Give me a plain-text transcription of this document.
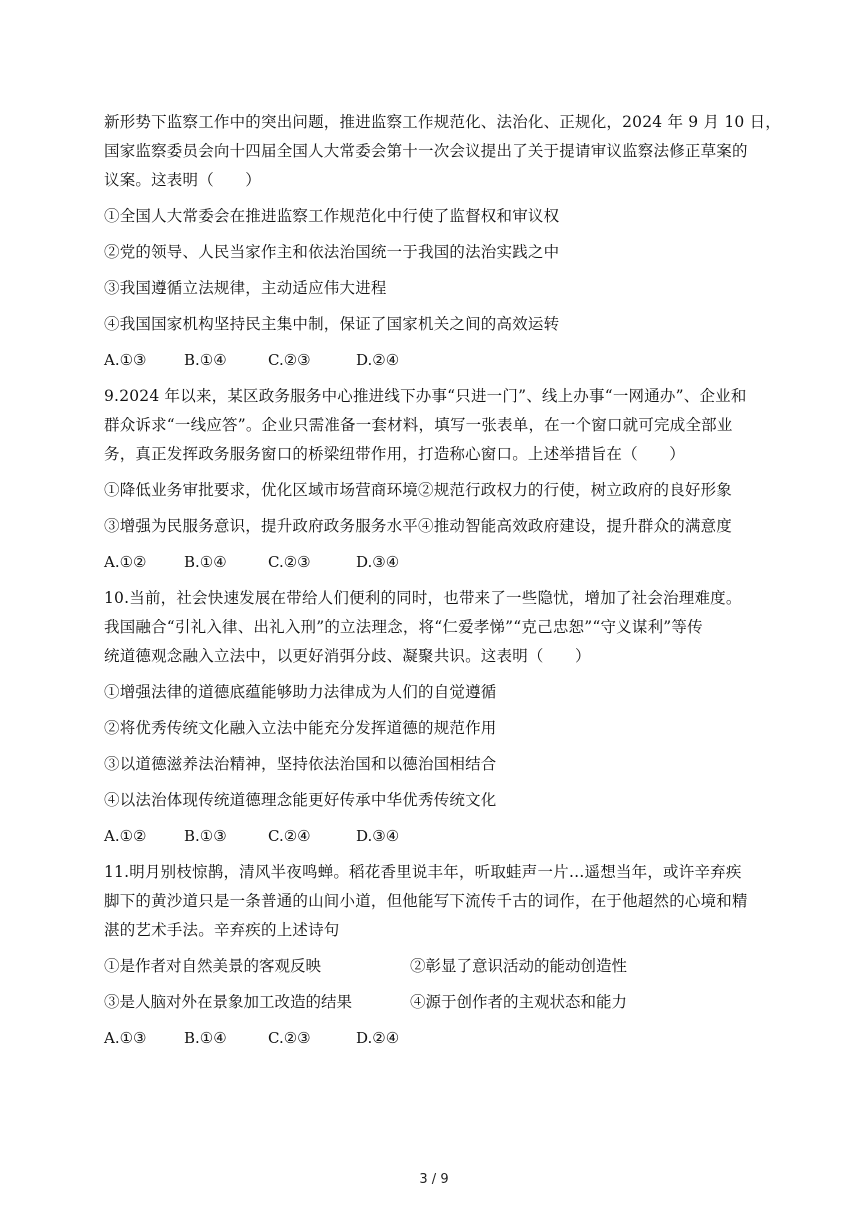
新形势下监察工作中的突出问题，推进监察工作规范化、法治化、正规化，2024 年 9 月 10 日，
国家监察委员会向十四届全国人大常委会第十一次会议提出了关于提请审议监察法修正草案的
议案。这表明（　　）
①全国人大常委会在推进监察工作规范化中行使了监督权和审议权
②党的领导、人民当家作主和依法治国统一于我国的法治实践之中
③我国遵循立法规律，主动适应伟大进程
④我国国家机构坚持民主集中制，保证了国家机关之间的高效运转
A.①③	B.①④	C.②③	D.②④
9.2024 年以来，某区政务服务中心推进线下办事“只进一门”、线上办事“一网通办”、企业和
群众诉求“一线应答”。企业只需准备一套材料，填写一张表单，在一个窗口就可完成全部业
务，真正发挥政务服务窗口的桥梁纽带作用，打造称心窗口。上述举措旨在（　　）
①降低业务审批要求，优化区域市场营商环境②规范行政权力的行使，树立政府的良好形象
③增强为民服务意识，提升政府政务服务水平④推动智能高效政府建设，提升群众的满意度
A.①②	B.①④	C.②③	D.③④
10.当前，社会快速发展在带给人们便利的同时，也带来了一些隐忧，增加了社会治理难度。
我国融合“引礼入律、出礼入刑”的立法理念，将“仁爱孝悌”“克己忠恕”“守义谋利”等传
统道德观念融入立法中，以更好消弭分歧、凝聚共识。这表明（　　）
①增强法律的道德底蕴能够助力法律成为人们的自觉遵循
②将优秀传统文化融入立法中能充分发挥道德的规范作用
③以道德滋养法治精神，坚持依法治国和以德治国相结合
④以法治体现传统道德理念能更好传承中华优秀传统文化
A.①②	B.①③	C.②④	D.③④
11.明月别枝惊鹊，清风半夜鸣蝉。稻花香里说丰年，听取蛙声一片…遥想当年，或许辛弃疾
脚下的黄沙道只是一条普通的山间小道，但他能写下流传千古的词作，在于他超然的心境和精
湛的艺术手法。辛弃疾的上述诗句
①是作者对自然美景的客观反映	②彰显了意识活动的能动创造性
③是人脑对外在景象加工改造的结果	④源于创作者的主观状态和能力
A.①③	B.①④	C.②③	D.②④
3 / 9
